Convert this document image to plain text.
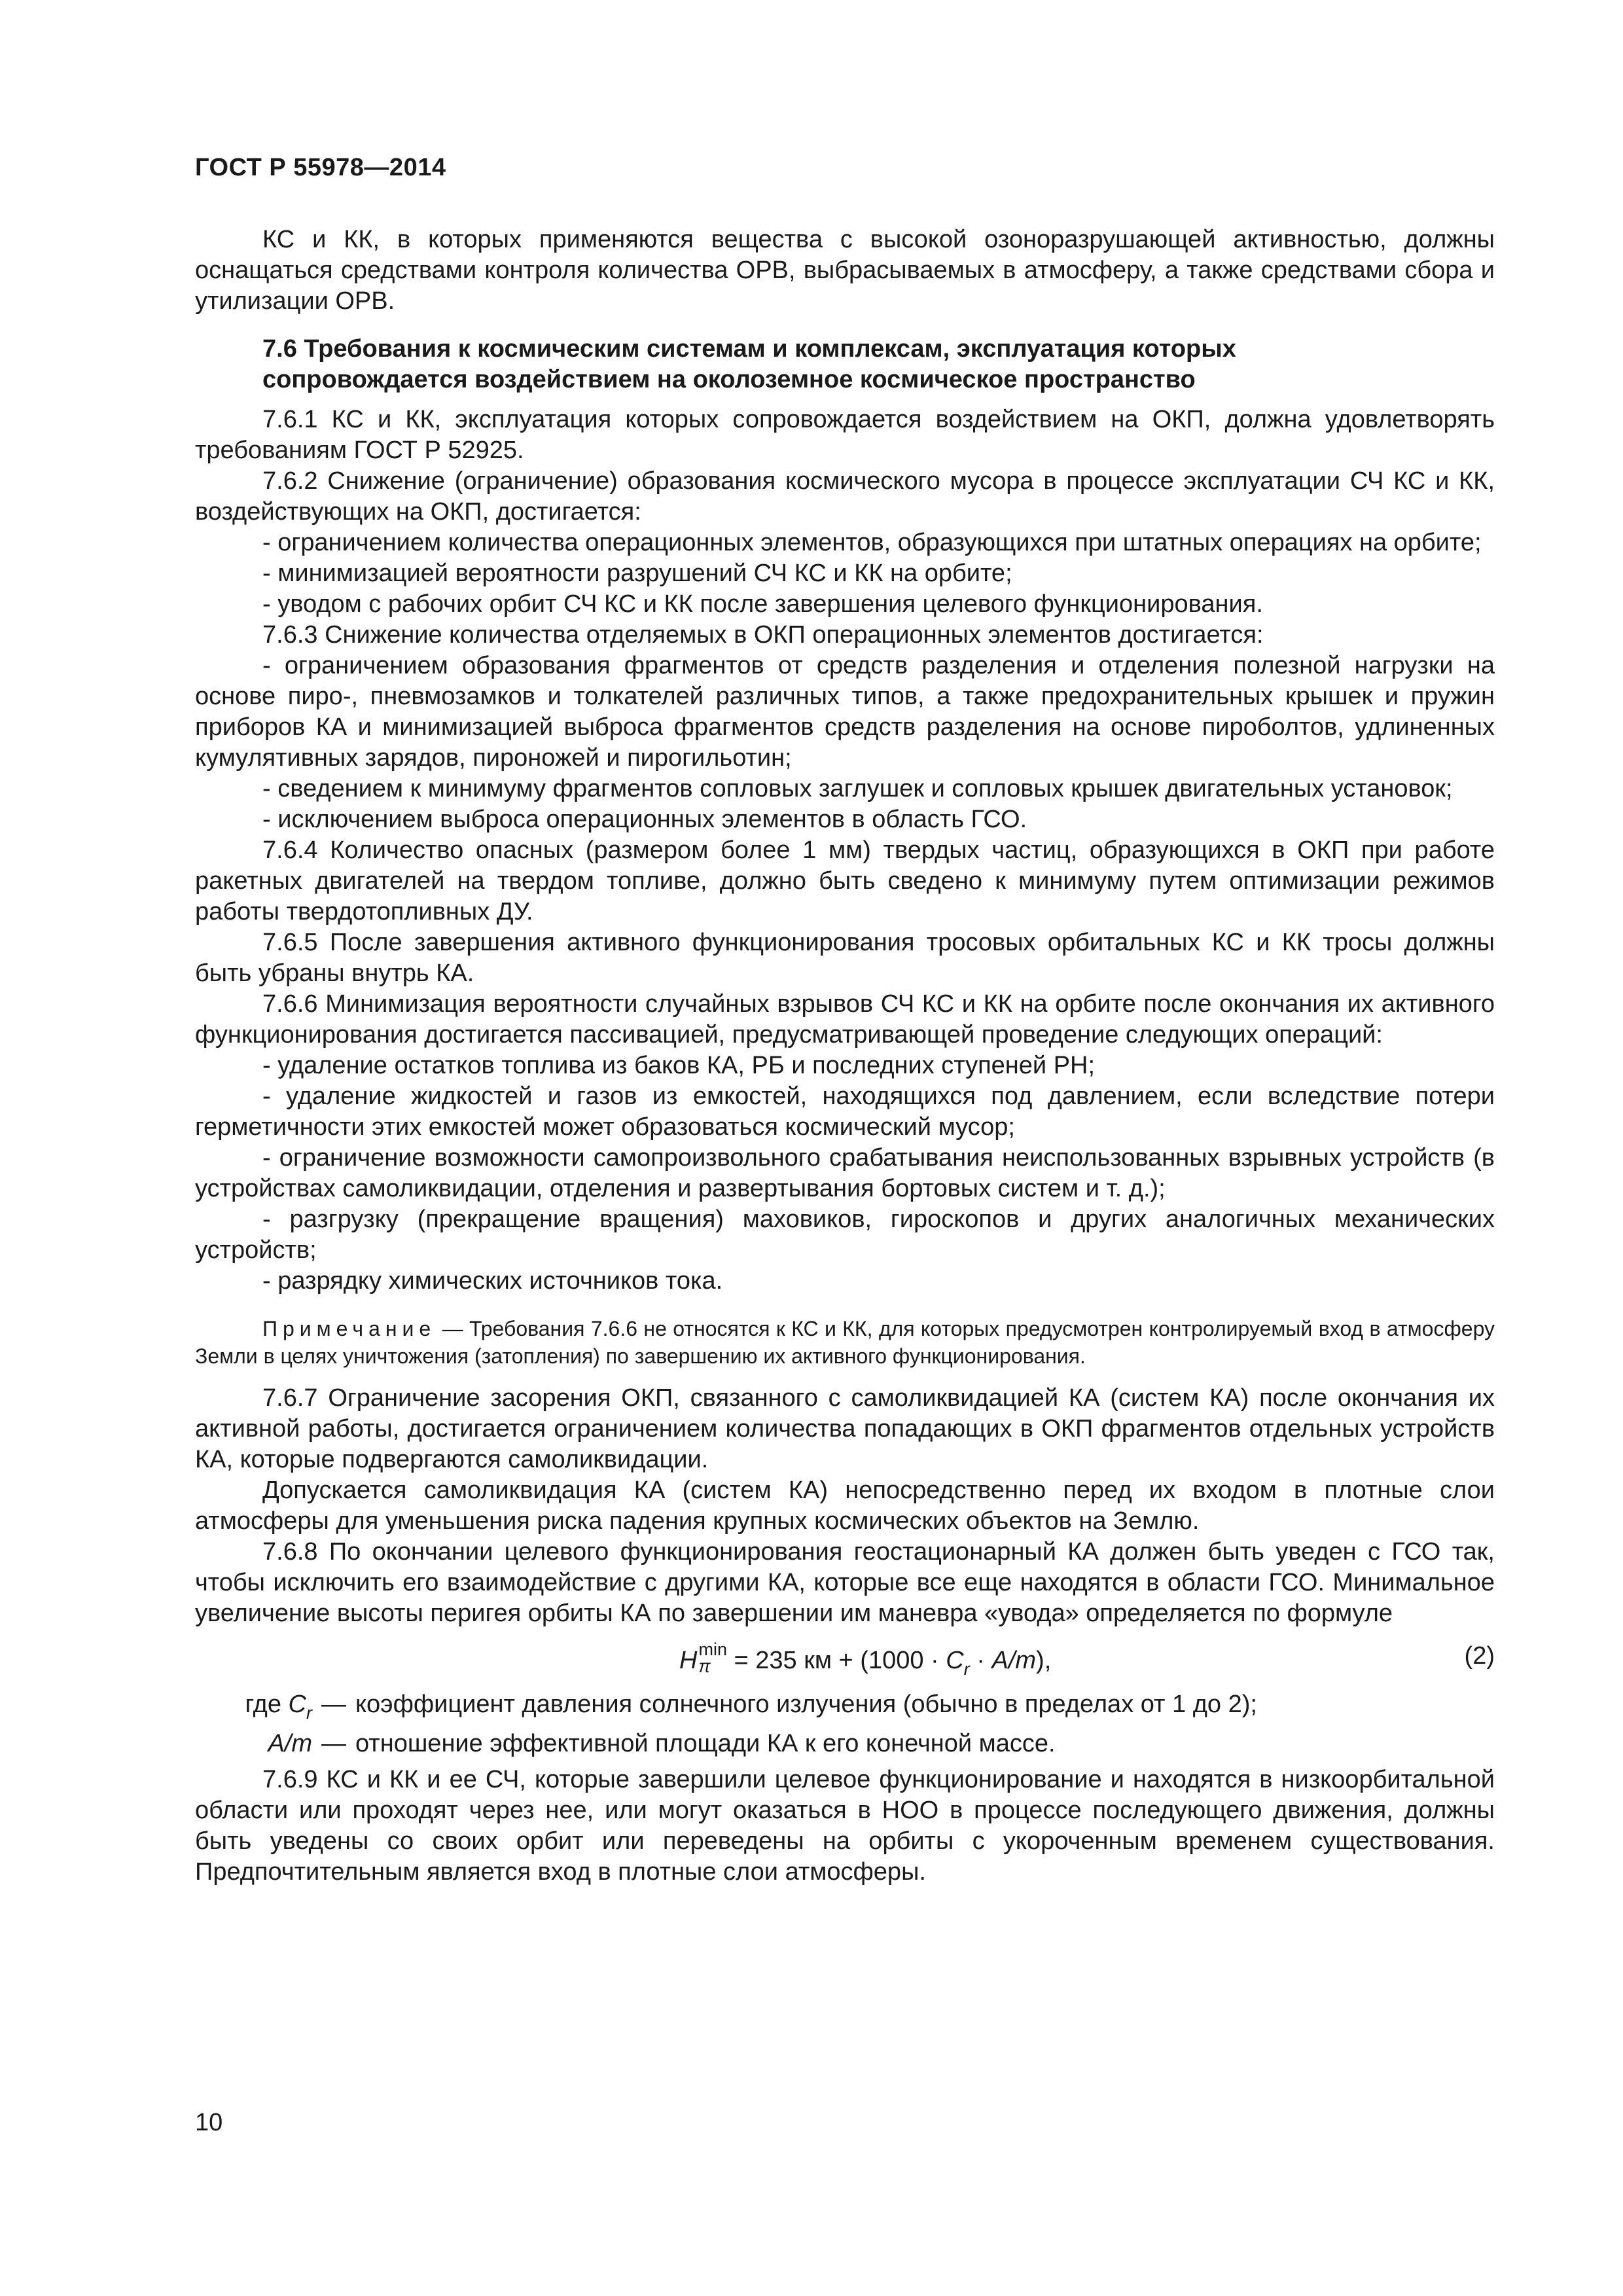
ГОСТ Р 55978—2014

КС и КК, в которых применяются вещества с высокой озоноразрушающей активностью, должны оснащаться средствами контроля количества ОРВ, выбрасываемых в атмосферу, а также средствами сбора и утилизации ОРВ.

7.6 Требования к космическим системам и комплексам, эксплуатация которых
сопровождается воздействием на околоземное космическое пространство

7.6.1 КС и КК, эксплуатация которых сопровождается воздействием на ОКП, должна удовлетворять требованиям ГОСТ Р 52925.

7.6.2 Снижение (ограничение) образования космического мусора в процессе эксплуатации СЧ КС и КК, воздействующих на ОКП, достигается:

- ограничением количества операционных элементов, образующихся при штатных операциях на орбите;

- минимизацией вероятности разрушений СЧ КС и КК на орбите;

- уводом с рабочих орбит СЧ КС и КК после завершения целевого функционирования.

7.6.3 Снижение количества отделяемых в ОКП операционных элементов достигается:

- ограничением образования фрагментов от средств разделения и отделения полезной нагрузки на основе пиро-, пневмозамков и толкателей различных типов, а также предохранительных крышек и пружин приборов КА и минимизацией выброса фрагментов средств разделения на основе пироболтов, удлиненных кумулятивных зарядов, пироножей и пирогильотин;

- сведением к минимуму фрагментов сопловых заглушек и сопловых крышек двигательных установок;

- исключением выброса операционных элементов в область ГСО.

7.6.4 Количество опасных (размером более 1 мм) твердых частиц, образующихся в ОКП при работе ракетных двигателей на твердом топливе, должно быть сведено к минимуму путем оптимизации режимов работы твердотопливных ДУ.

7.6.5 После завершения активного функционирования тросовых орбитальных КС и КК тросы должны быть убраны внутрь КА.

7.6.6 Минимизация вероятности случайных взрывов СЧ КС и КК на орбите после окончания их активного функционирования достигается пассивацией, предусматривающей проведение следующих операций:

- удаление остатков топлива из баков КА, РБ и последних ступеней РН;

- удаление жидкостей и газов из емкостей, находящихся под давлением, если вследствие потери герметичности этих емкостей может образоваться космический мусор;

- ограничение возможности самопроизвольного срабатывания неиспользованных взрывных устройств (в устройствах самоликвидации, отделения и развертывания бортовых систем и т. д.);

- разгрузку (прекращение вращения) маховиков, гироскопов и других аналогичных механических устройств;

- разрядку химических источников тока.

Примечание — Требования 7.6.6 не относятся к КС и КК, для которых предусмотрен контролируемый вход в атмосферу Земли в целях уничтожения (затопления) по завершению их активного функционирования.

7.6.7 Ограничение засорения ОКП, связанного с самоликвидацией КА (систем КА) после окончания их активной работы, достигается ограничением количества попадающих в ОКП фрагментов отдельных устройств КА, которые подвергаются самоликвидации.

Допускается самоликвидация КА (систем КА) непосредственно перед их входом в плотные слои атмосферы для уменьшения риска падения крупных космических объектов на Землю.

7.6.8 По окончании целевого функционирования геостационарный КА должен быть уведен с ГСО так, чтобы исключить его взаимодействие с другими КА, которые все еще находятся в области ГСО. Минимальное увеличение высоты перигея орбиты КА по завершении им маневра «увода» определяется по формуле

H min
π = 235 км + $(1000 \cdot C_r \cdot A/m)$,	(2)
где $C_r$ — коэффициент давления солнечного излучения (обычно в пределах от 1 до 2);
A/m — отношение эффективной площади КА к его конечной массе.

7.6.9 КС и КК и ее СЧ, которые завершили целевое функционирование и находятся в низкоорбитальной области или проходят через нее, или могут оказаться в НОО в процессе последующего движения, должны быть уведены со своих орбит или переведены на орбиты с укороченным временем существования. Предпочтительным является вход в плотные слои атмосферы.

10
